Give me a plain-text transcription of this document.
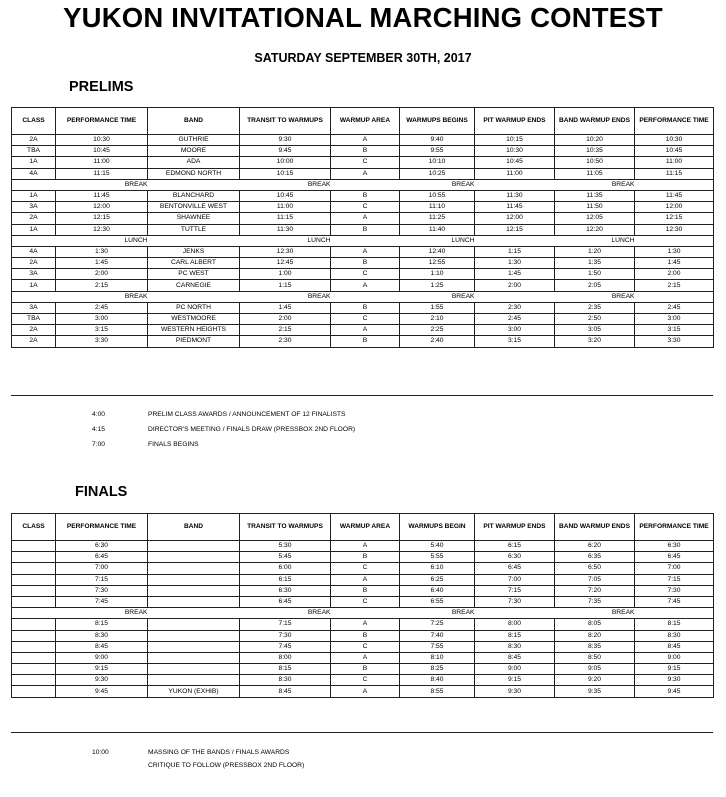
YUKON INVITATIONAL MARCHING CONTEST
SATURDAY SEPTEMBER 30TH, 2017
PRELIMS
CLASS	PERFORMANCE TIME	BAND	TRANSIT TO WARMUPS	WARMUP AREA	WARMUPS BEGINS	PIT WARMUP ENDS	BAND WARMUP ENDS	PERFORMANCE TIME
2A	10:30	GUTHRIE	9:30	A	9:40	10:15	10:20	10:30
TBA	10:45	MOORE	9:45	B	9:55	10:30	10:35	10:45
1A	11:00	ADA	10:00	C	10:10	10:45	10:50	11:00
4A	11:15	EDMOND NORTH	10:15	A	10:25	11:00	11:05	11:15
	BREAK		BREAK		BREAK		BREAK	
1A	11:45	BLANCHARD	10:45	B	10:55	11:30	11:35	11:45
3A	12:00	BENTONVILLE WEST	11:00	C	11:10	11:45	11:50	12:00
2A	12:15	SHAWNEE	11:15	A	11:25	12:00	12:05	12:15
1A	12:30	TUTTLE	11:30	B	11:40	12:15	12:20	12:30
	LUNCH		LUNCH		LUNCH		LUNCH	
4A	1:30	JENKS	12:30	A	12:40	1:15	1:20	1:30
2A	1:45	CARL ALBERT	12:45	B	12:55	1:30	1:35	1:45
3A	2:00	PC WEST	1:00	C	1:10	1:45	1:50	2:00
1A	2:15	CARNEGIE	1:15	A	1:25	2:00	2:05	2:15
	BREAK		BREAK		BREAK		BREAK	
3A	2:45	PC NORTH	1:45	B	1:55	2:30	2:35	2:45
TBA	3:00	WESTMOORE	2:00	C	2:10	2:45	2:50	3:00
2A	3:15	WESTERN HEIGHTS	2:15	A	2:25	3:00	3:05	3:15
2A	3:30	PIEDMONT	2:30	B	2:40	3:15	3:20	3:30
4:00	PRELIM CLASS AWARDS / ANNOUNCEMENT OF 12 FINALISTS
4:15	DIRECTOR'S MEETING / FINALS DRAW (PRESSBOX 2ND FLOOR)
7:00	FINALS BEGINS
FINALS
CLASS	PERFORMANCE TIME	BAND	TRANSIT TO WARMUPS	WARMUP AREA	WARMUPS BEGIN	PIT WARMUP ENDS	BAND WARMUP ENDS	PERFORMANCE TIME
	6:30		5:30	A	5:40	6:15	6:20	6:30
	6:45		5:45	B	5:55	6:30	6:35	6:45
	7:00		6:00	C	6:10	6:45	6:50	7:00
	7:15		6:15	A	6:25	7:00	7:05	7:15
	7:30		6:30	B	6:40	7:15	7:20	7:30
	7:45		6:45	C	6:55	7:30	7:35	7:45
	BREAK		BREAK		BREAK		BREAK	
	8:15		7:15	A	7:25	8:00	8:05	8:15
	8:30		7:30	B	7:40	8:15	8:20	8:30
	8:45		7:45	C	7:55	8:30	8:35	8:45
	9:00		8:00	A	8:10	8:45	8:50	9:00
	9:15		8:15	B	8:25	9:00	9:05	9:15
	9:30		8:30	C	8:40	9:15	9:20	9:30
	9:45	YUKON (EXHIB)	8:45	A	8:55	9:30	9:35	9:45
10:00	MASSING OF THE BANDS / FINALS AWARDS
CRITIQUE TO FOLLOW (PRESSBOX 2ND FLOOR)
